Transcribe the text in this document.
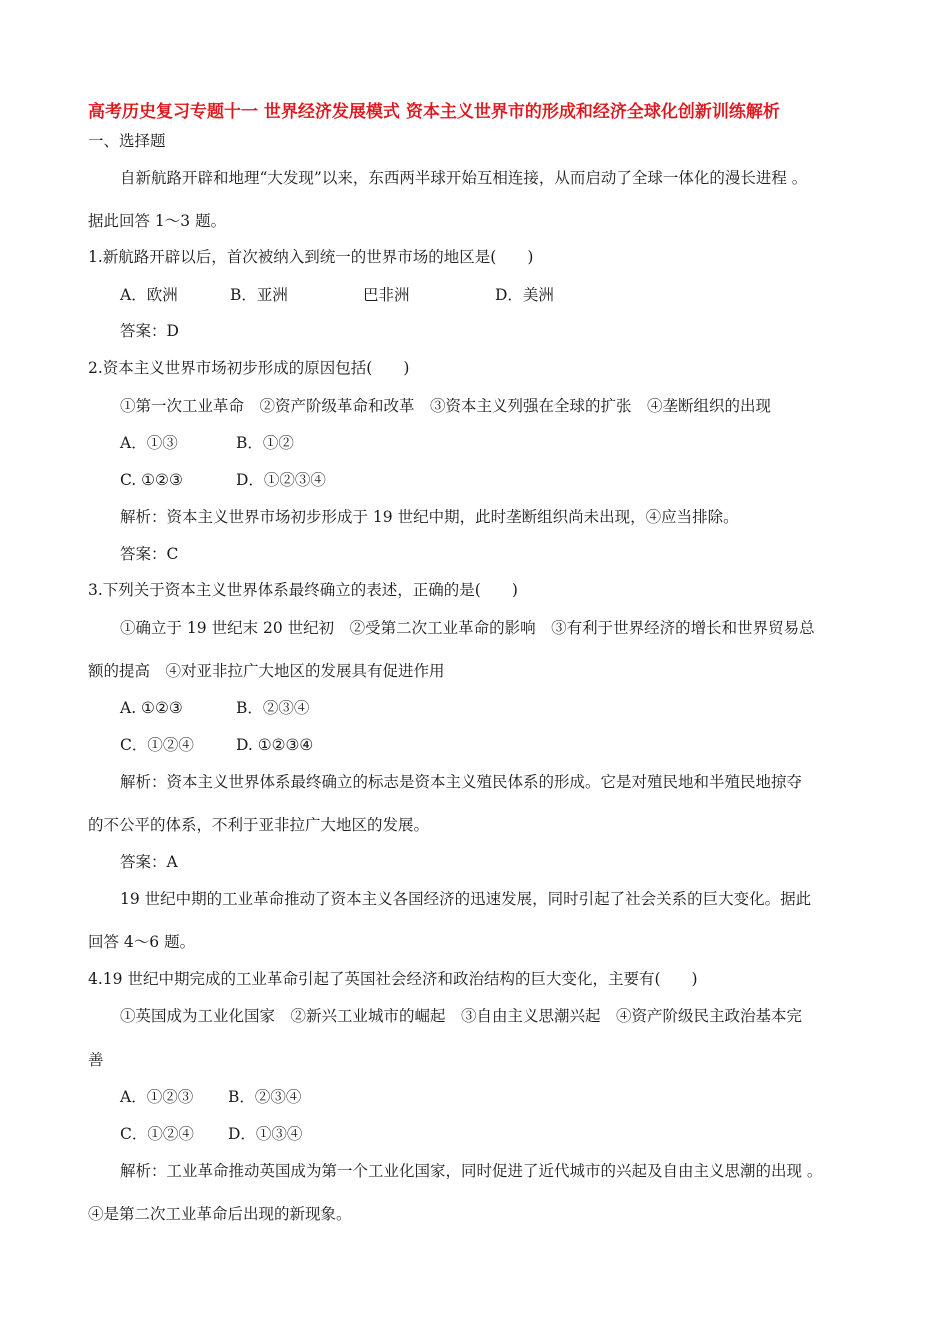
高考历史复习专题十一 世界经济发展模式 资本主义世界市的形成和经济全球化创新训练解析
一、选择题
自新航路开辟和地理“大发现”以来，东西两半球开始互相连接，从而启动了全球一体化的漫长进程 。
据此回答 1～3 题。
1.新航路开辟以后，首次被纳入到统一的世界市场的地区是(　　)
A．欧洲	B．亚洲	巴非洲	D．美洲
答案：D
2.资本主义世界市场初步形成的原因包括(　　)
①第一次工业革命　②资产阶级革命和改革　③资本主义列强在全球的扩张　④垄断组织的出现
A．①③	B．①②
C. ①②③	D．①②③④
解析：资本主义世界市场初步形成于 19 世纪中期，此时垄断组织尚未出现，④应当排除。
答案：C
3.下列关于资本主义世界体系最终确立的表述，正确的是(　　)
①确立于 19 世纪末 20 世纪初　②受第二次工业革命的影响　③有利于世界经济的增长和世界贸易总
额的提高　④对亚非拉广大地区的发展具有促进作用
A. ①②③	B．②③④
C．①②④	D. ①②③④
解析：资本主义世界体系最终确立的标志是资本主义殖民体系的形成。它是对殖民地和半殖民地掠夺
的不公平的体系，不利于亚非拉广大地区的发展。
答案：A
19 世纪中期的工业革命推动了资本主义各国经济的迅速发展，同时引起了社会关系的巨大变化。据此
回答 4～6 题。
4.19 世纪中期完成的工业革命引起了英国社会经济和政治结构的巨大变化，主要有(　　)
①英国成为工业化国家　②新兴工业城市的崛起　③自由主义思潮兴起　④资产阶级民主政治基本完
善
A．①②③ B．②③④
C．①②④ D．①③④
解析：工业革命推动英国成为第一个工业化国家，同时促进了近代城市的兴起及自由主义思潮的出现 。
④是第二次工业革命后出现的新现象。
